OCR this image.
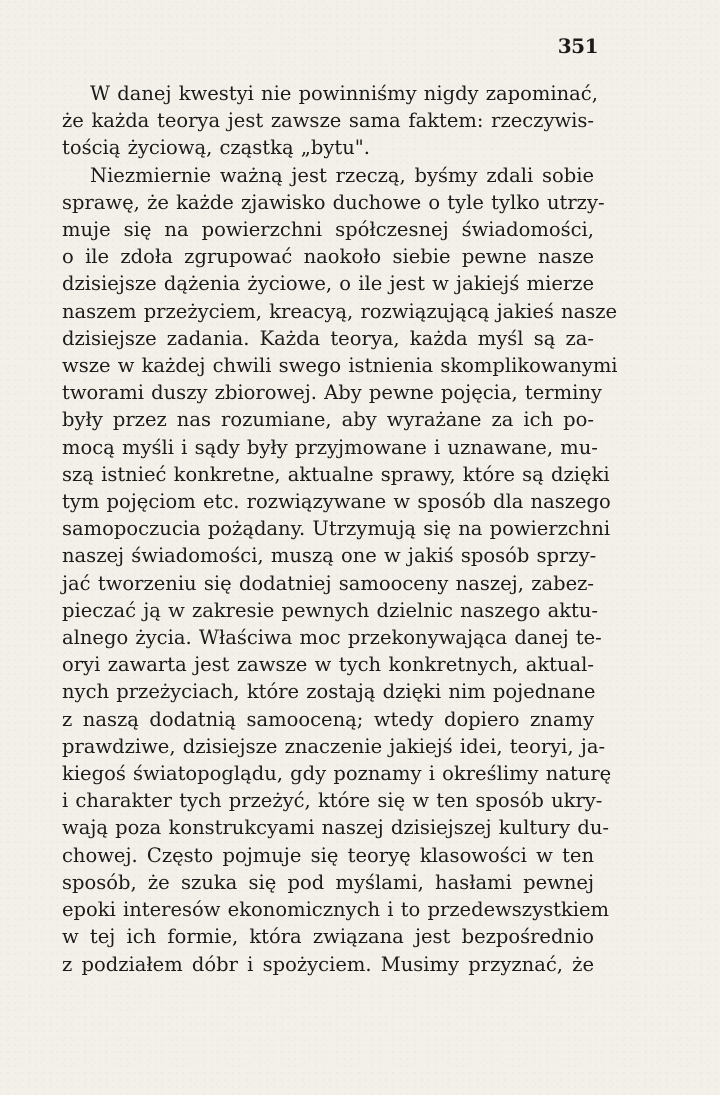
351

W danej kwestyi nie powinniśmy nigdy zapominać,
że każda teorya jest zawsze sama faktem: rzeczywis-
tością życiową, cząstką „bytu".

Niezmiernie ważną jest rzeczą, byśmy zdali sobie
sprawę, że każde zjawisko duchowe o tyle tylko utrzy-
muje się na powierzchni spółczesnej świadomości,
o ile zdoła zgrupować naokoło siebie pewne nasze
dzisiejsze dążenia życiowe, o ile jest w jakiejś mierze
naszem przeżyciem, kreacyą, rozwiązującą jakieś nasze
dzisiejsze zadania. Każda teorya, każda myśl są za-
wsze w każdej chwili swego istnienia skomplikowanymi
tworami duszy zbiorowej. Aby pewne pojęcia, terminy
były przez nas rozumiane, aby wyrażane za ich po-
mocą myśli i sądy były przyjmowane i uznawane, mu-
szą istnieć konkretne, aktualne sprawy, które są dzięki
tym pojęciom etc. rozwiązywane w sposób dla naszego
samopoczucia pożądany. Utrzymują się na powierzchni
naszej świadomości, muszą one w jakiś sposób sprzy-
jać tworzeniu się dodatniej samooceny naszej, zabez-
pieczać ją w zakresie pewnych dzielnic naszego aktu-
alnego życia. Właściwa moc przekonywająca danej te-
oryi zawarta jest zawsze w tych konkretnych, aktual-
nych przeżyciach, które zostają dzięki nim pojednane
z naszą dodatnią samooceną; wtedy dopiero znamy
prawdziwe, dzisiejsze znaczenie jakiejś idei, teoryi, ja-
kiegoś światopoglądu, gdy poznamy i określimy naturę
i charakter tych przeżyć, które się w ten sposób ukry-
wają poza konstrukcyami naszej dzisiejszej kultury du-
chowej. Często pojmuje się teoryę klasowości w ten
sposób, że szuka się pod myślami, hasłami pewnej
epoki interesów ekonomicznych i to przedewszystkiem
w tej ich formie, która związana jest bezpośrednio
z podziałem dóbr i spożyciem. Musimy przyznać, że
